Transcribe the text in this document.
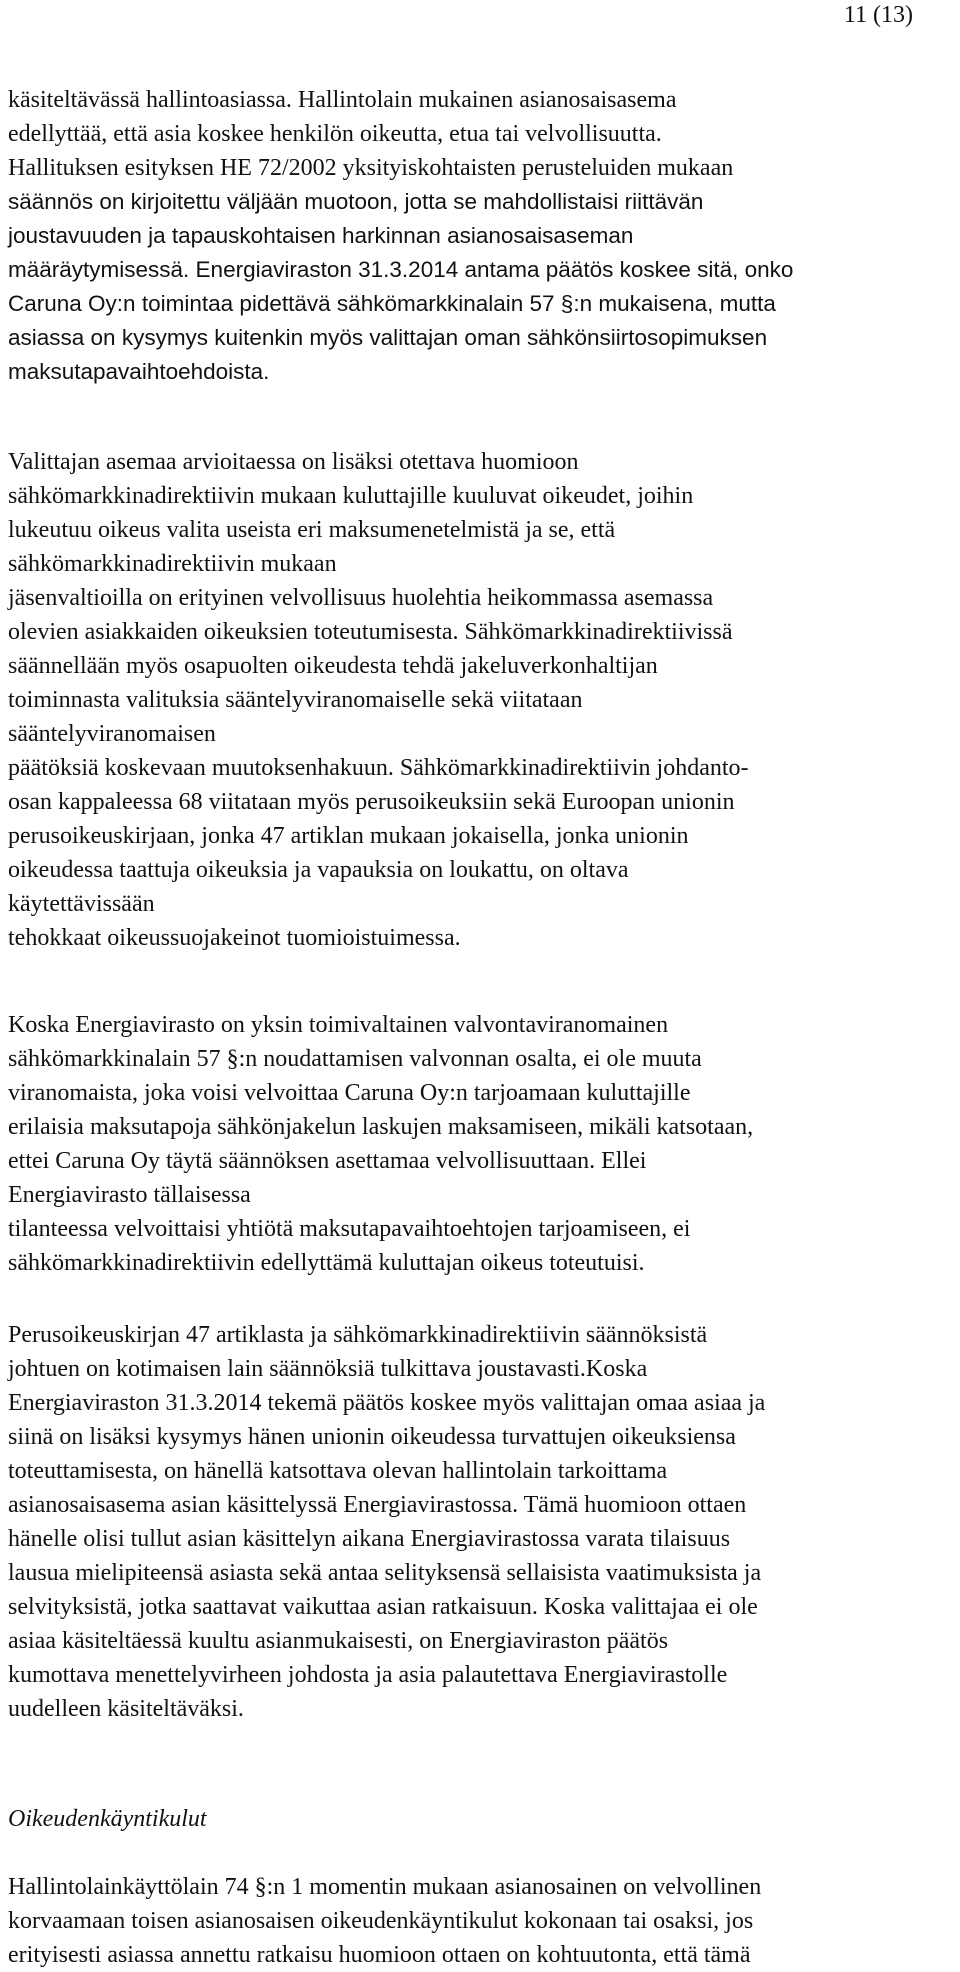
11 (13)
käsiteltävässä hallintoasiassa. Hallintolain mukainen asianosaisasema
edellyttää, että asia koskee henkilön oikeutta, etua tai velvollisuutta.
Hallituksen esityksen HE 72/2002 yksityiskohtaisten perusteluiden mukaan
säännös on kirjoitettu väljään muotoon, jotta se mahdollistaisi riittävän
joustavuuden ja tapauskohtaisen harkinnan asianosaisaseman
määräytymisessä. Energiaviraston 31.3.2014 antama päätös koskee sitä, onko
Caruna Oy:n toimintaa pidettävä sähkömarkkinalain 57 §:n mukaisena, mutta
asiassa on kysymys kuitenkin myös valittajan oman sähkönsiirtosopimuksen
maksutapavaihtoehdoista.
Valittajan asemaa arvioitaessa on lisäksi otettava huomioon
sähkömarkkinadirektiivin mukaan kuluttajille kuuluvat oikeudet, joihin
lukeutuu oikeus valita useista eri maksumenetelmistä ja se, että
sähkömarkkinadirektiivin mukaan
jäsenvaltioilla on erityinen velvollisuus huolehtia heikommassa asemassa
olevien asiakkaiden oikeuksien toteutumisesta. Sähkömarkkinadirektiivissä
säännellään myös osapuolten oikeudesta tehdä jakeluverkonhaltijan
toiminnasta valituksia sääntelyviranomaiselle sekä viitataan
sääntelyviranomaisen
päätöksiä koskevaan muutoksenhakuun. Sähkömarkkinadirektiivin johdanto-
osan kappaleessa 68 viitataan myös perusoikeuksiin sekä Euroopan unionin
perusoikeuskirjaan, jonka 47 artiklan mukaan jokaisella, jonka unionin
oikeudessa taattuja oikeuksia ja vapauksia on loukattu, on oltava
käytettävissään
tehokkaat oikeussuojakeinot tuomioistuimessa.
Koska Energiavirasto on yksin toimivaltainen valvontaviranomainen
sähkömarkkinalain 57 §:n noudattamisen valvonnan osalta, ei ole muuta
viranomaista, joka voisi velvoittaa Caruna Oy:n tarjoamaan kuluttajille
erilaisia maksutapoja sähkönjakelun laskujen maksamiseen, mikäli katsotaan,
ettei Caruna Oy täytä säännöksen asettamaa velvollisuuttaan. Ellei
Energiavirasto tällaisessa
tilanteessa velvoittaisi yhtiötä maksutapavaihtoehtojen tarjoamiseen, ei
sähkömarkkinadirektiivin edellyttämä kuluttajan oikeus toteutuisi.
Perusoikeuskirjan 47 artiklasta ja sähkömarkkinadirektiivin säännöksistä
johtuen on kotimaisen lain säännöksiä tulkittava joustavasti.Koska
Energiaviraston 31.3.2014 tekemä päätös koskee myös valittajan omaa asiaa ja
siinä on lisäksi kysymys hänen unionin oikeudessa turvattujen oikeuksiensa
toteuttamisesta, on hänellä katsottava olevan hallintolain tarkoittama
asianosaisasema asian käsittelyssä Energiavirastossa. Tämä huomioon ottaen
hänelle olisi tullut asian käsittelyn aikana Energiavirastossa varata tilaisuus
lausua mielipiteensä asiasta sekä antaa selityksensä sellaisista vaatimuksista ja
selvityksistä, jotka saattavat vaikuttaa asian ratkaisuun. Koska valittajaa ei ole
asiaa käsiteltäessä kuultu asianmukaisesti, on Energiaviraston päätös
kumottava menettelyvirheen johdosta ja asia palautettava Energiavirastolle
uudelleen käsiteltäväksi.
Oikeudenkäyntikulut
Hallintolainkäyttölain 74 §:n 1 momentin mukaan asianosainen on velvollinen
korvaamaan toisen asianosaisen oikeudenkäyntikulut kokonaan tai osaksi, jos
erityisesti asiassa annettu ratkaisu huomioon ottaen on kohtuutonta, että tämä
